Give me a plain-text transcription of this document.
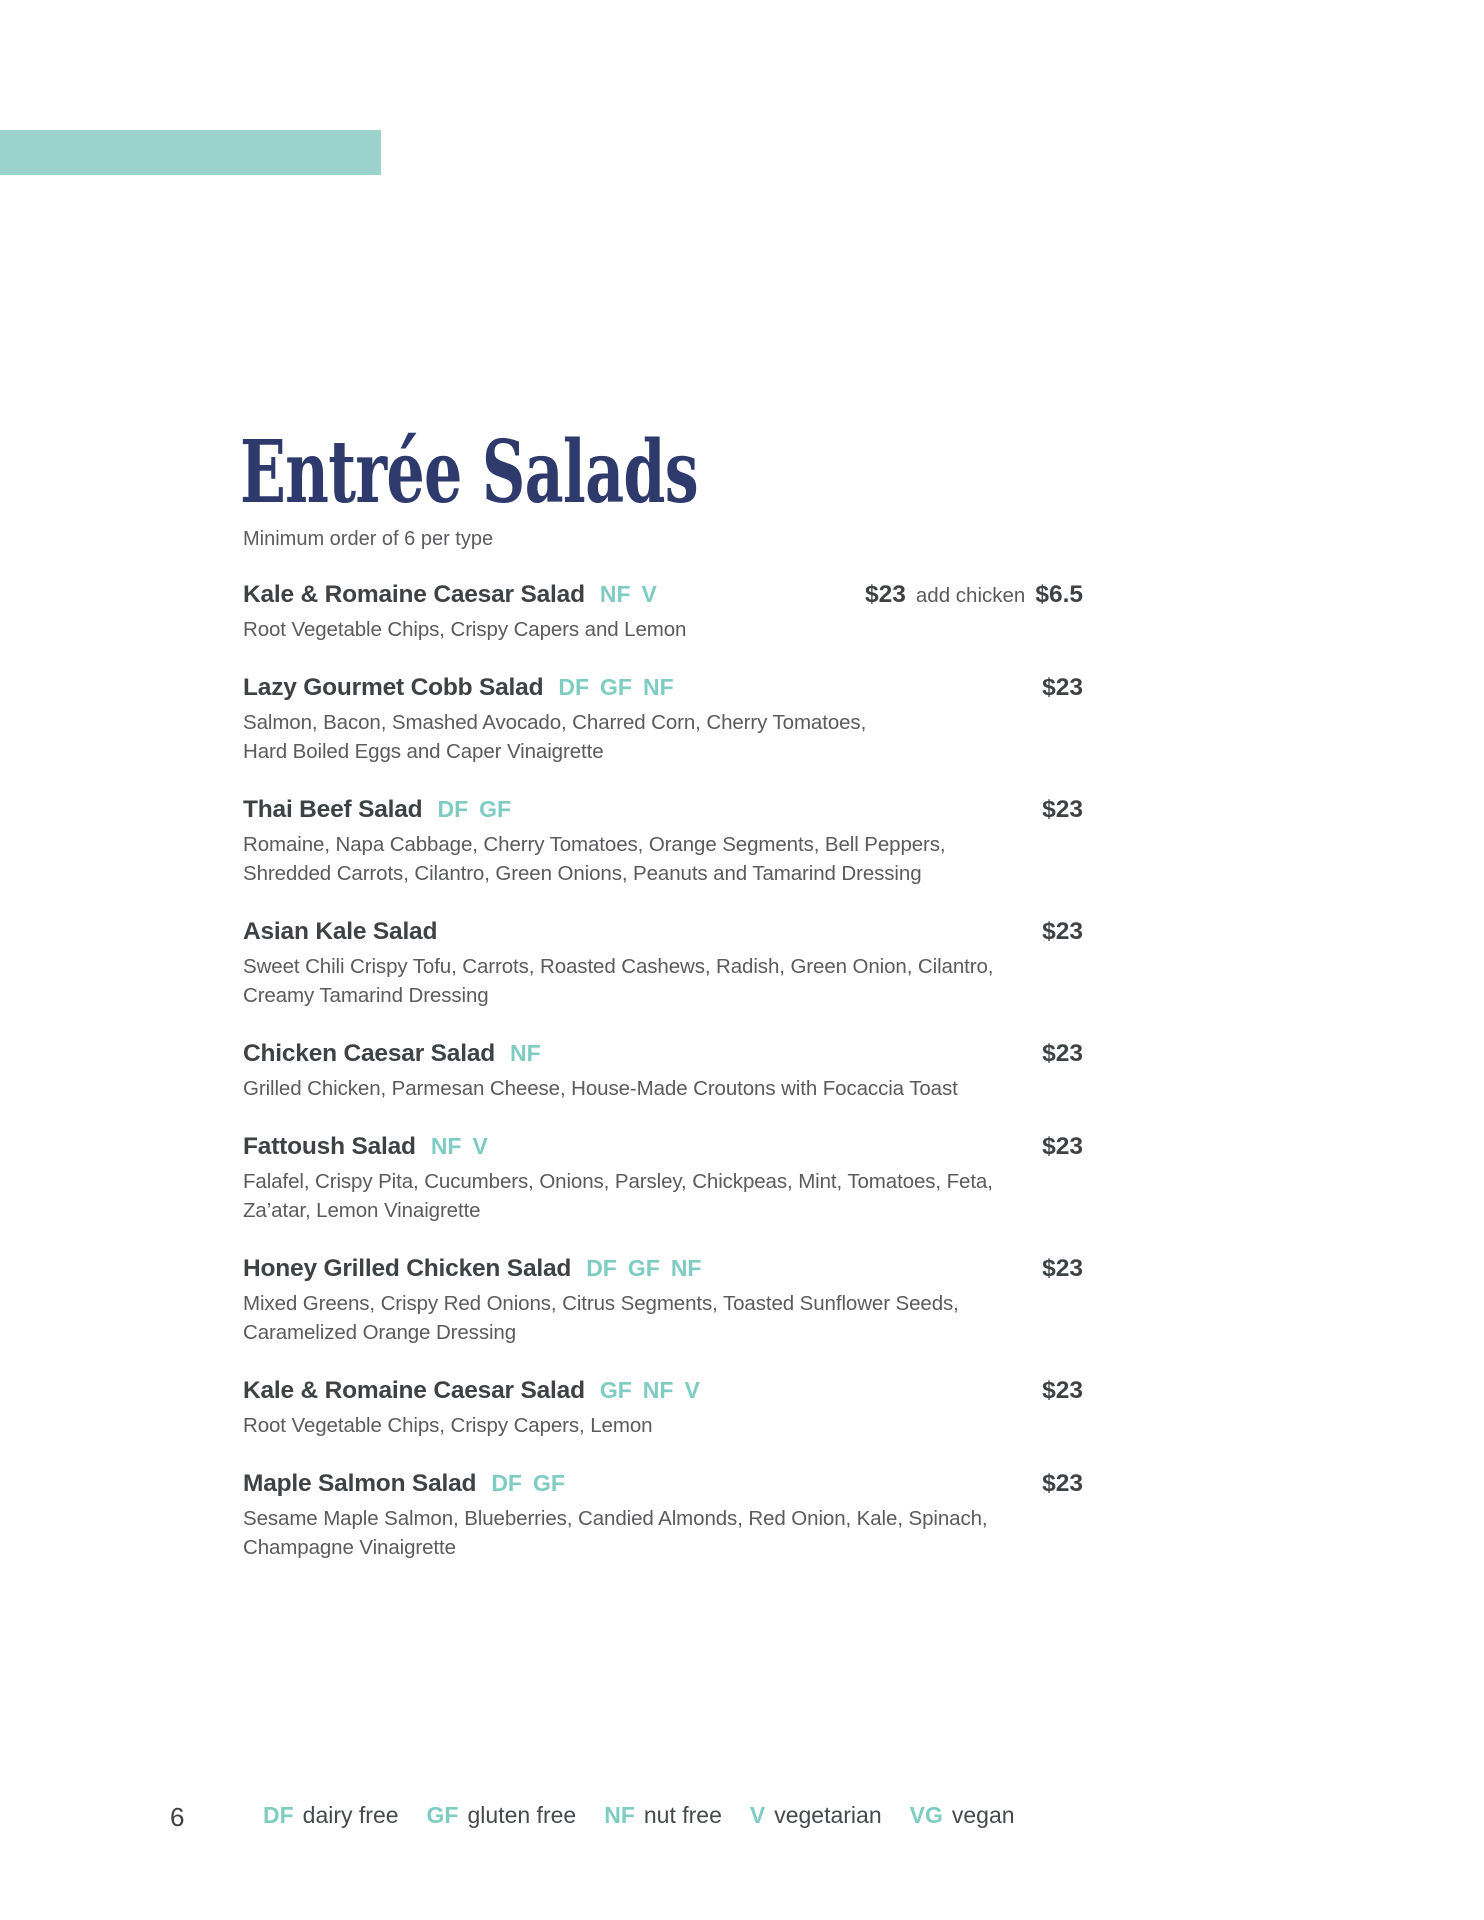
Entrée Salads
Minimum order of 6 per type
Kale & Romaine Caesar Salad NF V	$23 add chicken $6.5
Root Vegetable Chips, Crispy Capers and Lemon
Lazy Gourmet Cobb Salad DF GF NF	$23
Salmon, Bacon, Smashed Avocado, Charred Corn, Cherry Tomatoes,
Hard Boiled Eggs and Caper Vinaigrette
Thai Beef Salad DF GF	$23
Romaine, Napa Cabbage, Cherry Tomatoes, Orange Segments, Bell Peppers,
Shredded Carrots, Cilantro, Green Onions, Peanuts and Tamarind Dressing
Asian Kale Salad	$23
Sweet Chili Crispy Tofu, Carrots, Roasted Cashews, Radish, Green Onion, Cilantro,
Creamy Tamarind Dressing
Chicken Caesar Salad NF	$23
Grilled Chicken, Parmesan Cheese, House-Made Croutons with Focaccia Toast
Fattoush Salad NF V	$23
Falafel, Crispy Pita, Cucumbers, Onions, Parsley, Chickpeas, Mint, Tomatoes, Feta,
Za’atar, Lemon Vinaigrette
Honey Grilled Chicken Salad DF GF NF	$23
Mixed Greens, Crispy Red Onions, Citrus Segments, Toasted Sunflower Seeds,
Caramelized Orange Dressing
Kale & Romaine Caesar Salad GF NF V	$23
Root Vegetable Chips, Crispy Capers, Lemon
Maple Salmon Salad DF GF	$23
Sesame Maple Salmon, Blueberries, Candied Almonds, Red Onion, Kale, Spinach,
Champagne Vinaigrette
6	DF dairy free GF gluten free NF nut free V vegetarian VG vegan
